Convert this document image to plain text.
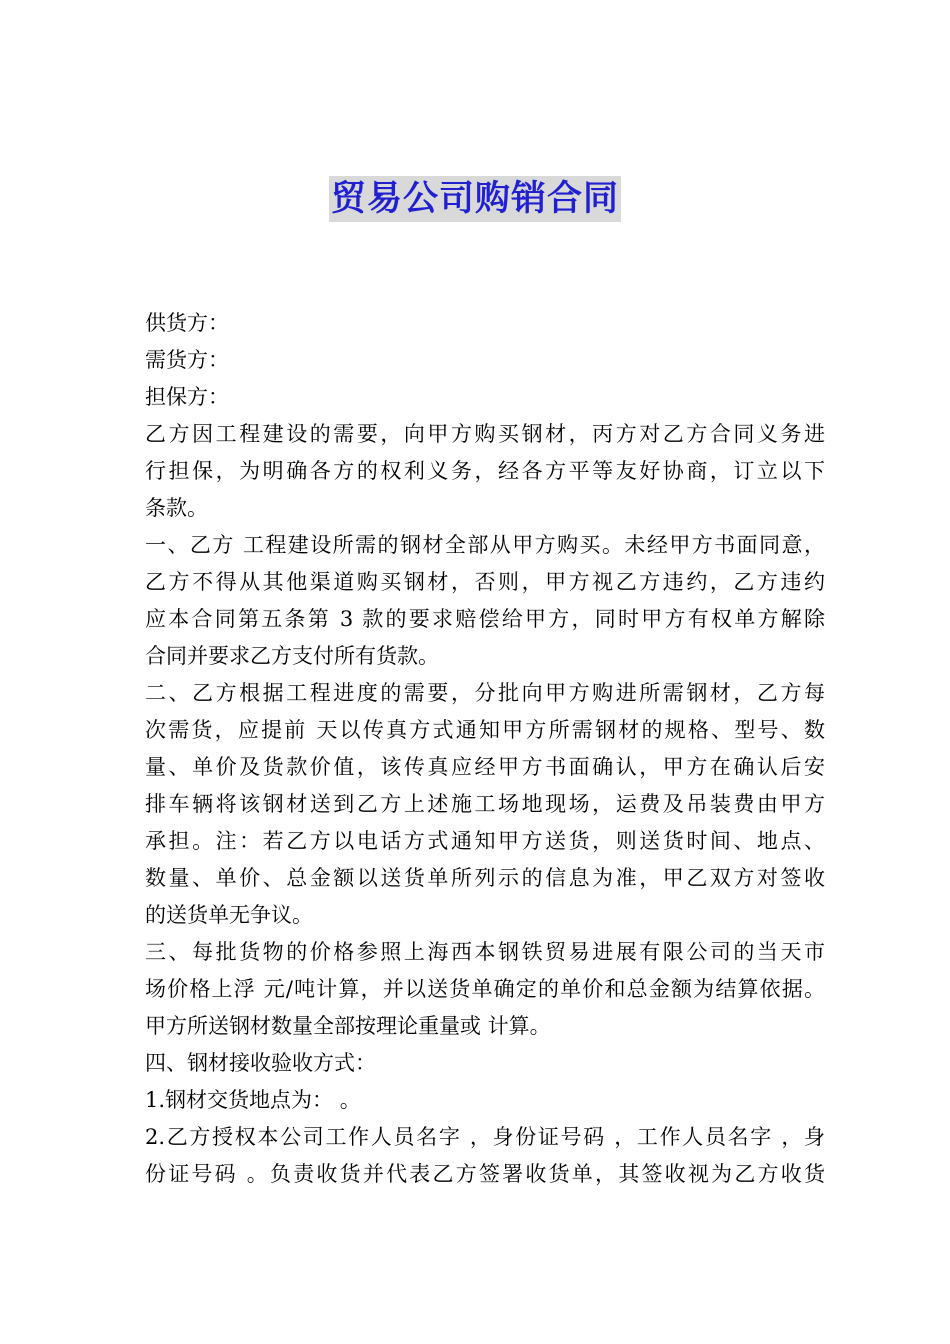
贸易公司购销合同
供货方：
需货方：
担保方：
乙方因工程建设的需要，向甲方购买钢材，丙方对乙方合同义务进
行担保，为明确各方的权利义务，经各方平等友好协商，订立以下
条款。
一、乙方 工程建设所需的钢材全部从甲方购买。未经甲方书面同意，
乙方不得从其他渠道购买钢材，否则，甲方视乙方违约，乙方违约
应本合同第五条第 3 款的要求赔偿给甲方，同时甲方有权单方解除
合同并要求乙方支付所有货款。
二、乙方根据工程进度的需要，分批向甲方购进所需钢材，乙方每
次需货，应提前 天以传真方式通知甲方所需钢材的规格、型号、数
量、单价及货款价值，该传真应经甲方书面确认，甲方在确认后安
排车辆将该钢材送到乙方上述施工场地现场，运费及吊装费由甲方
承担。注：若乙方以电话方式通知甲方送货，则送货时间、地点、
数量、单价、总金额以送货单所列示的信息为准，甲乙双方对签收
的送货单无争议。
三、每批货物的价格参照上海西本钢铁贸易进展有限公司的当天市
场价格上浮 元/吨计算，并以送货单确定的单价和总金额为结算依据。
甲方所送钢材数量全部按理论重量或 计算。
四、钢材接收验收方式：
1.钢材交货地点为： 。
2.乙方授权本公司工作人员名字 ，身份证号码 ，工作人员名字 ，身
份证号码 。负责收货并代表乙方签署收货单，其签收视为乙方收货
